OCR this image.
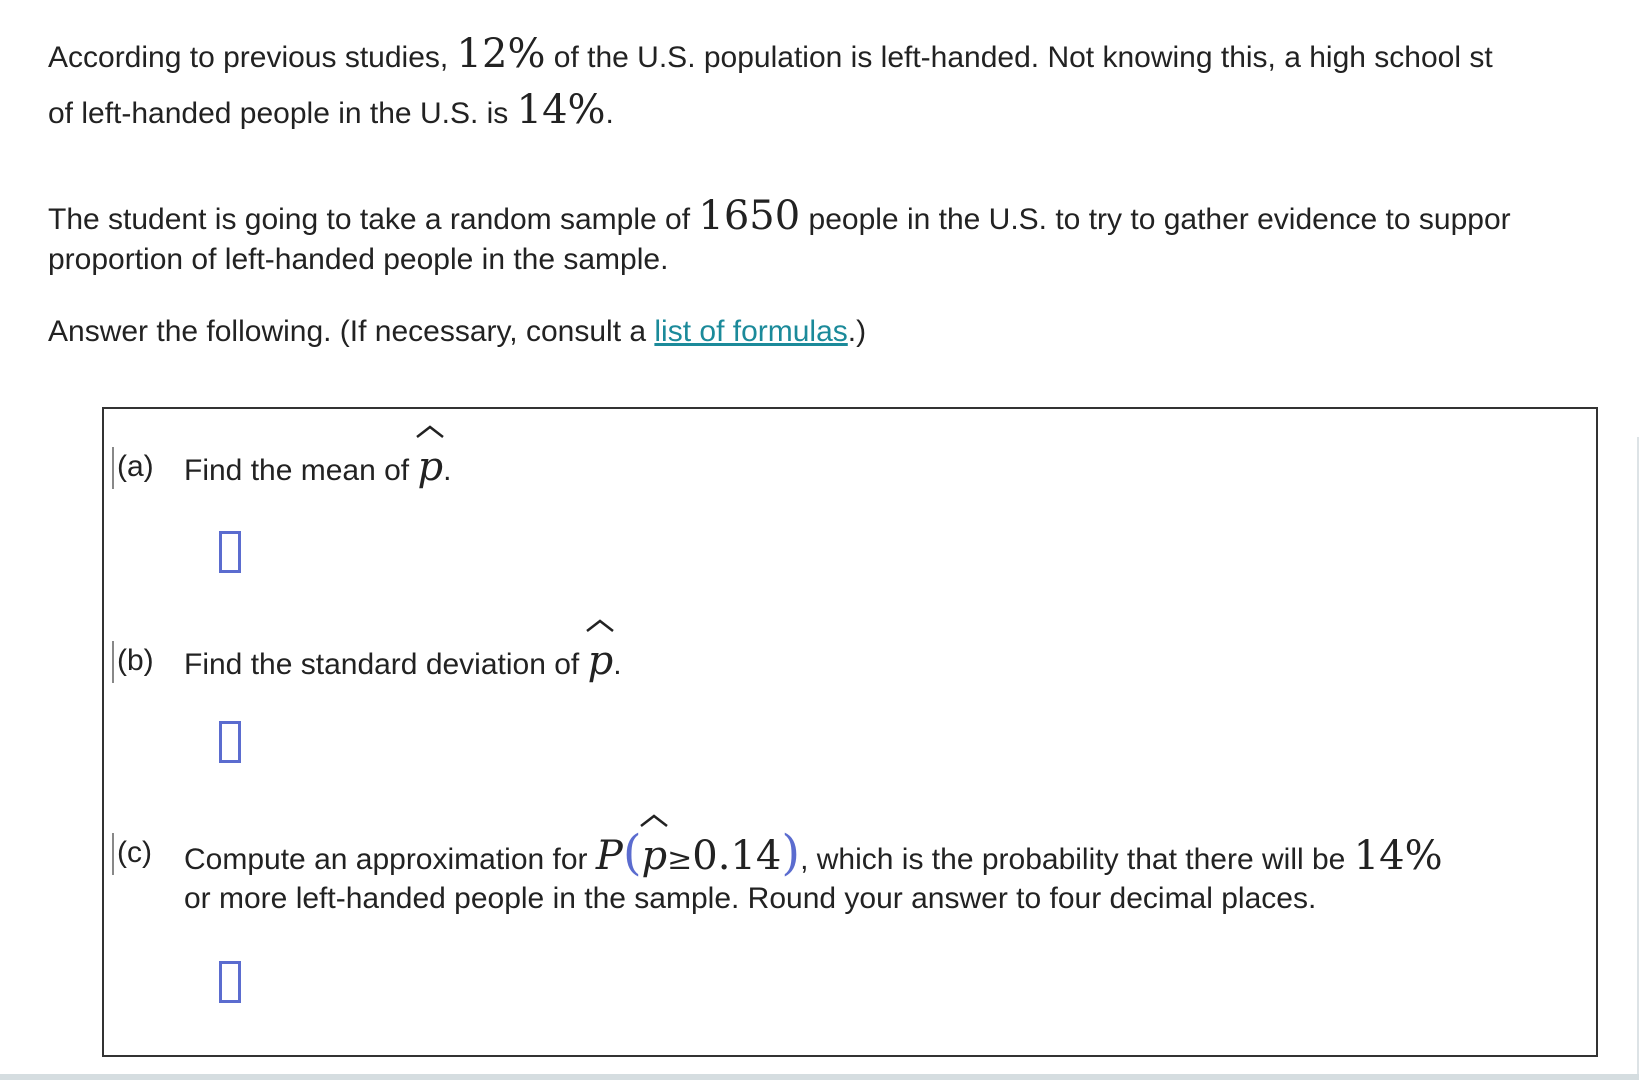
According to previous studies, 12% of the U.S. population is left-handed. Not knowing this, a high school st
of left-handed people in the U.S. is 14%.
The student is going to take a random sample of 1650 people in the U.S. to try to gather evidence to suppor
proportion of left-handed people in the sample.
Answer the following. (If necessary, consult a list of formulas.)
(a) Find the mean of
p.
(b) Find the standard deviation of
p.
(c) Compute an approximation for P(
p≥0.14), which is the probability that there will be 14%
or more left-handed people in the sample. Round your answer to four decimal places.
